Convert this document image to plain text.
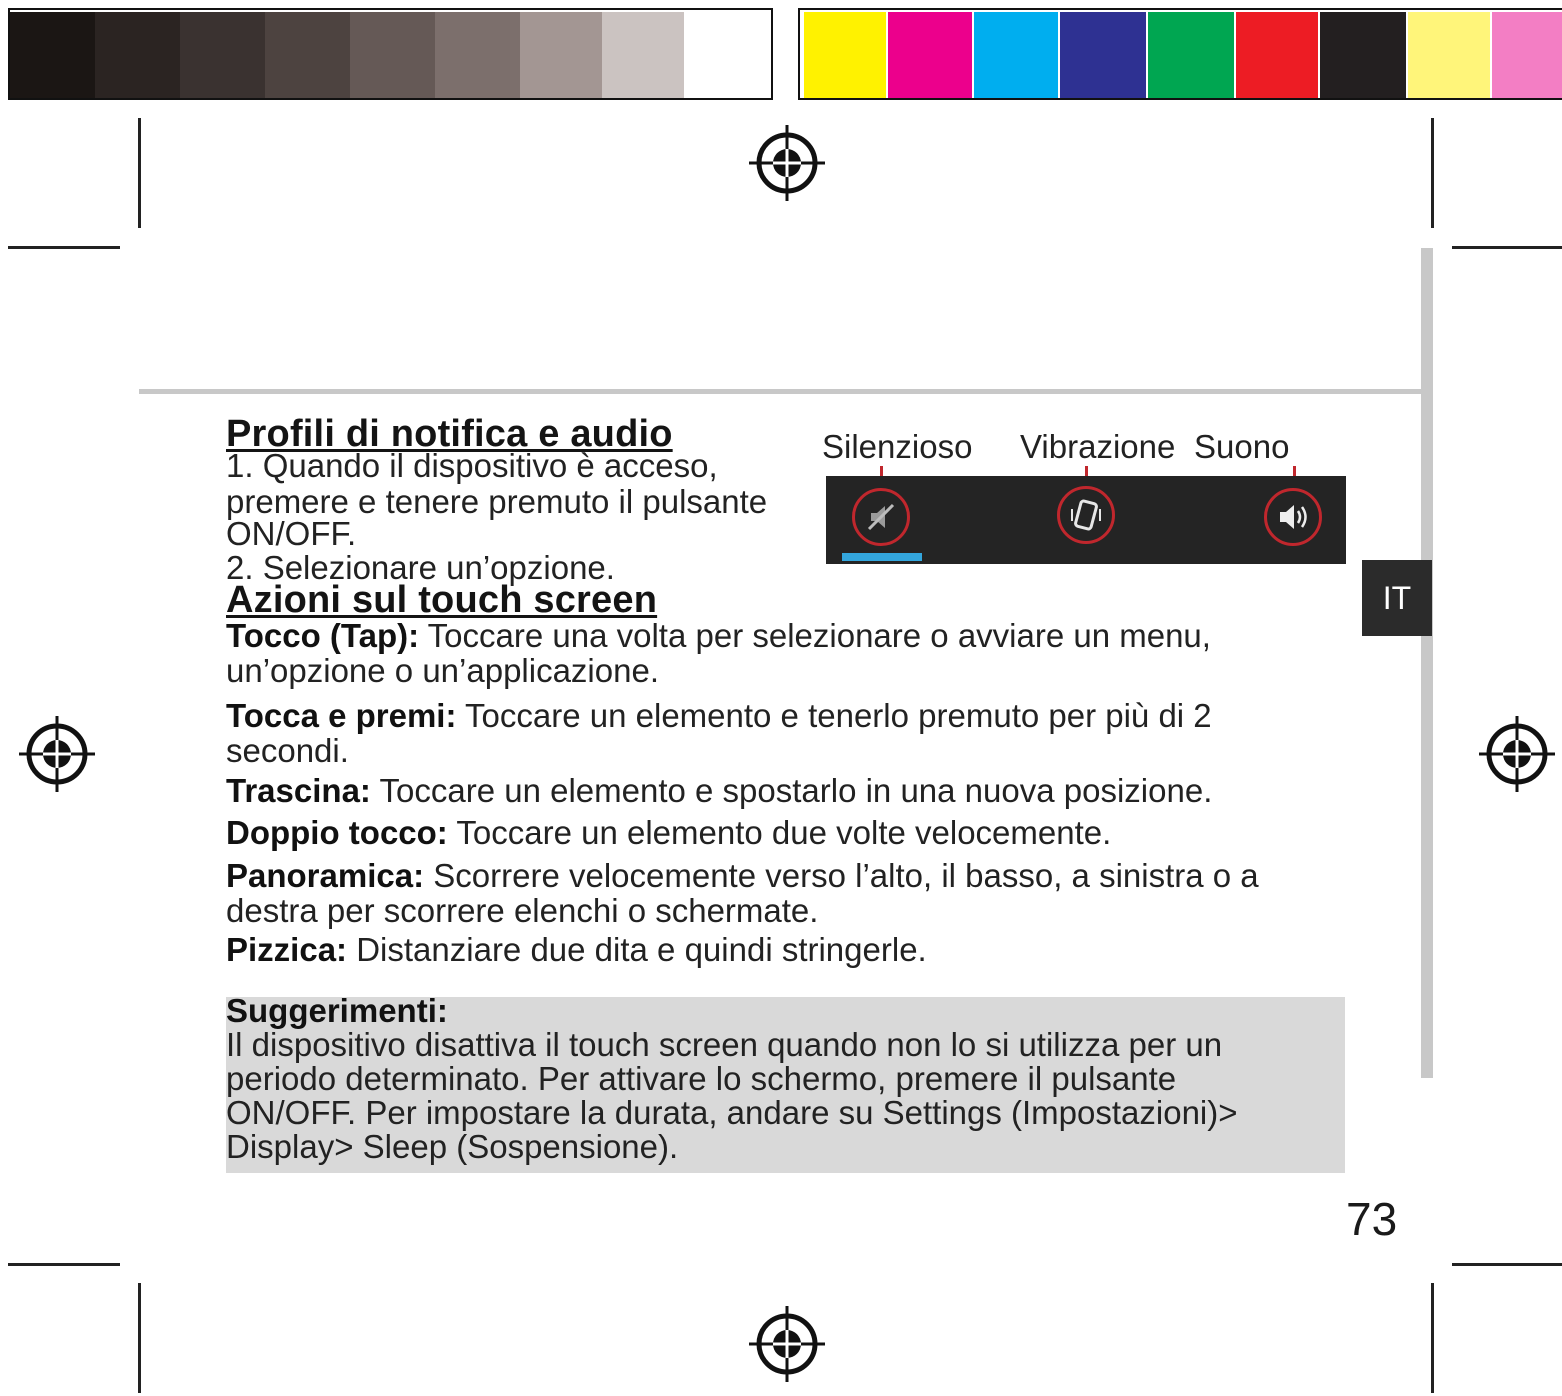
IT
Profili di notifica e audio
1. Quando il dispositivo è acceso,
premere e tenere premuto il pulsante
ON/OFF.
2. Selezionare un’opzione.
Silenzioso Vibrazione Suono
Azioni sul touch screen
Tocco (Tap): Toccare una volta per selezionare o avviare un menu,
un’opzione o un’applicazione.
Tocca e premi: Toccare un elemento e tenerlo premuto per più di 2
secondi.
Trascina: Toccare un elemento e spostarlo in una nuova posizione.
Doppio tocco: Toccare un elemento due volte velocemente.
Panoramica: Scorrere velocemente verso l’alto, il basso, a sinistra o a
destra per scorrere elenchi o schermate.
Pizzica: Distanziare due dita e quindi stringerle.
Suggerimenti:
Il dispositivo disattiva il touch screen quando non lo si utilizza per un
periodo determinato. Per attivare lo schermo, premere il pulsante
ON/OFF. Per impostare la durata, andare su Settings (Impostazioni)>
Display> Sleep (Sospensione).
73
